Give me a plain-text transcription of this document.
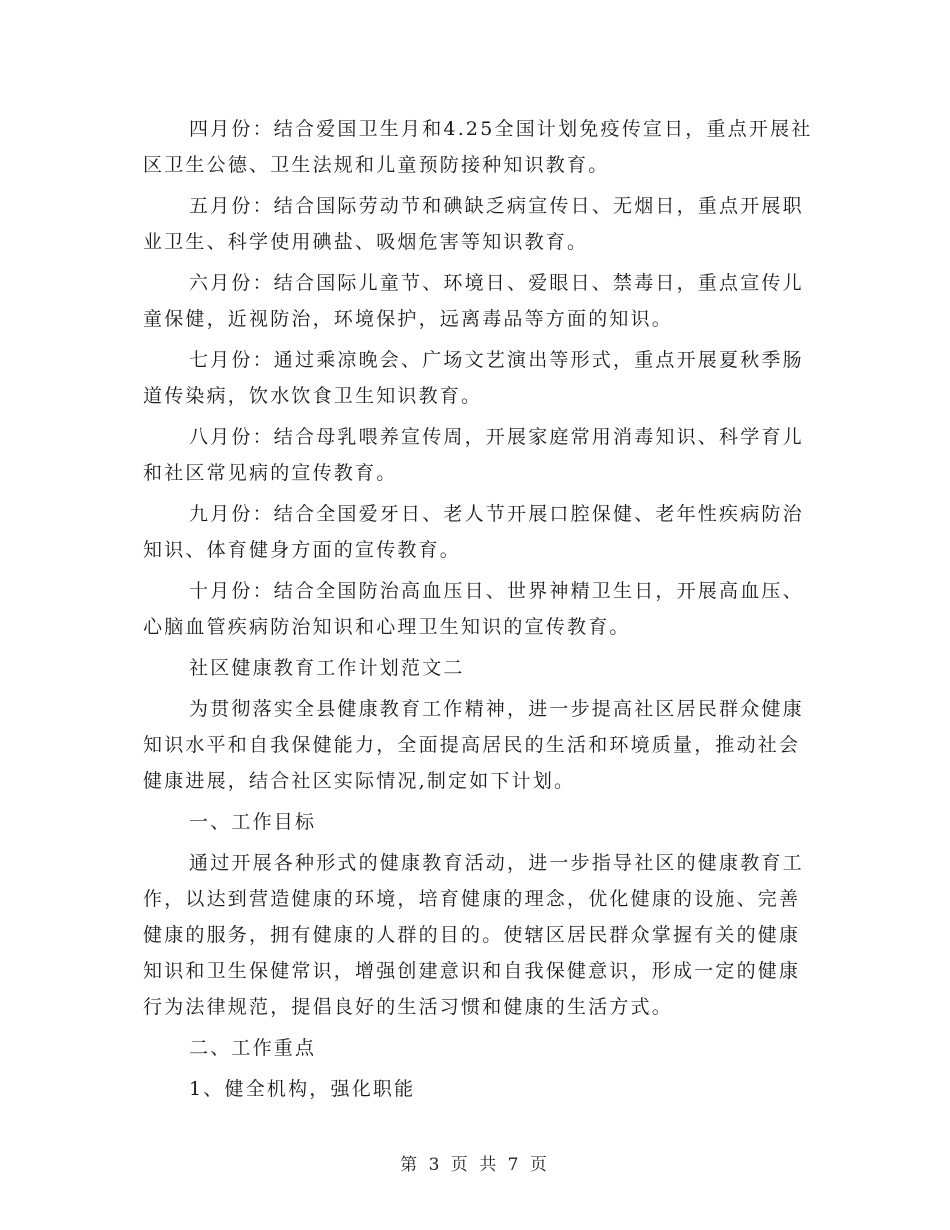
四月份：结合爱国卫生月和4.25全国计划免疫传宣日，重点开展社区卫生公德、卫生法规和儿童预防接种知识教育。

五月份：结合国际劳动节和碘缺乏病宣传日、无烟日，重点开展职业卫生、科学使用碘盐、吸烟危害等知识教育。

六月份：结合国际儿童节、环境日、爱眼日、禁毒日，重点宣传儿童保健，近视防治，环境保护，远离毒品等方面的知识。

七月份：通过乘凉晚会、广场文艺演出等形式，重点开展夏秋季肠道传染病，饮水饮食卫生知识教育。

八月份：结合母乳喂养宣传周，开展家庭常用消毒知识、科学育儿和社区常见病的宣传教育。

九月份：结合全国爱牙日、老人节开展口腔保健、老年性疾病防治知识、体育健身方面的宣传教育。

十月份：结合全国防治高血压日、世界神精卫生日，开展高血压、心脑血管疾病防治知识和心理卫生知识的宣传教育。

社区健康教育工作计划范文二

为贯彻落实全县健康教育工作精神，进一步提高社区居民群众健康知识水平和自我保健能力，全面提高居民的生活和环境质量，推动社会健康进展，结合社区实际情况,制定如下计划。

一、工作目标

通过开展各种形式的健康教育活动，进一步指导社区的健康教育工作，以达到营造健康的环境，培育健康的理念，优化健康的设施、完善健康的服务，拥有健康的人群的目的。使辖区居民群众掌握有关的健康知识和卫生保健常识，增强创建意识和自我保健意识，形成一定的健康行为法律规范，提倡良好的生活习惯和健康的生活方式。

二、工作重点

1、健全机构，强化职能

第 3 页 共 7 页
